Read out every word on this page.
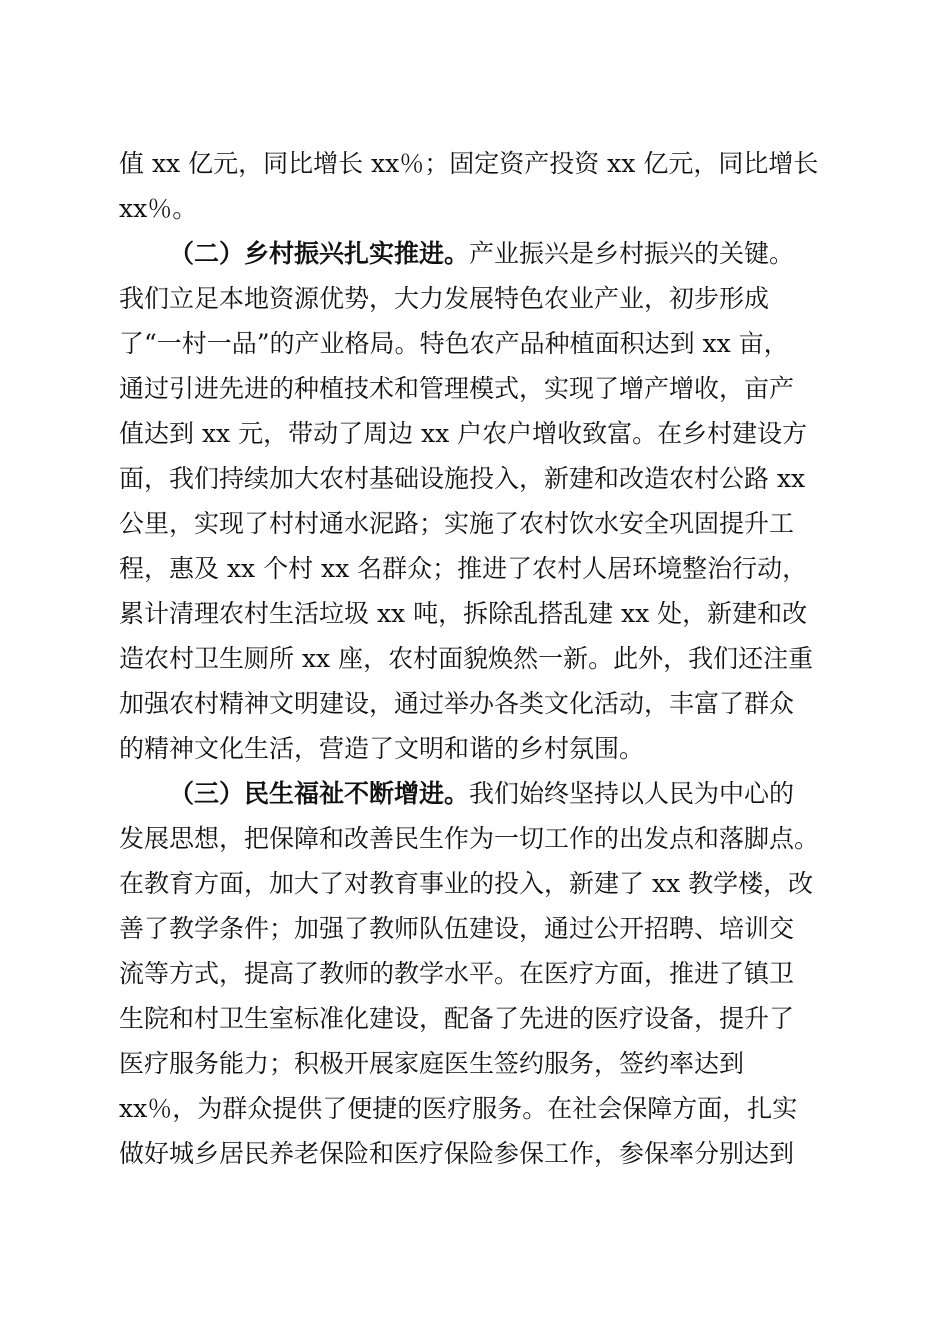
值 xx 亿元，同比增长 xx％；固定资产投资 xx 亿元，同比增长
xx％。
（二）乡村振兴扎实推进。产业振兴是乡村振兴的关键。
我们立足本地资源优势，大力发展特色农业产业，初步形成
了“一村一品”的产业格局。特色农产品种植面积达到 xx 亩，
通过引进先进的种植技术和管理模式，实现了增产增收，亩产
值达到 xx 元，带动了周边 xx 户农户增收致富。在乡村建设方
面，我们持续加大农村基础设施投入，新建和改造农村公路 xx
公里，实现了村村通水泥路；实施了农村饮水安全巩固提升工
程，惠及 xx 个村 xx 名群众；推进了农村人居环境整治行动，
累计清理农村生活垃圾 xx 吨，拆除乱搭乱建 xx 处，新建和改
造农村卫生厕所 xx 座，农村面貌焕然一新。此外，我们还注重
加强农村精神文明建设，通过举办各类文化活动，丰富了群众
的精神文化生活，营造了文明和谐的乡村氛围。
（三）民生福祉不断增进。我们始终坚持以人民为中心的
发展思想，把保障和改善民生作为一切工作的出发点和落脚点。
在教育方面，加大了对教育事业的投入，新建了 xx 教学楼，改
善了教学条件；加强了教师队伍建设，通过公开招聘、培训交
流等方式，提高了教师的教学水平。在医疗方面，推进了镇卫
生院和村卫生室标准化建设，配备了先进的医疗设备，提升了
医疗服务能力；积极开展家庭医生签约服务，签约率达到
xx％，为群众提供了便捷的医疗服务。在社会保障方面，扎实
做好城乡居民养老保险和医疗保险参保工作，参保率分别达到
